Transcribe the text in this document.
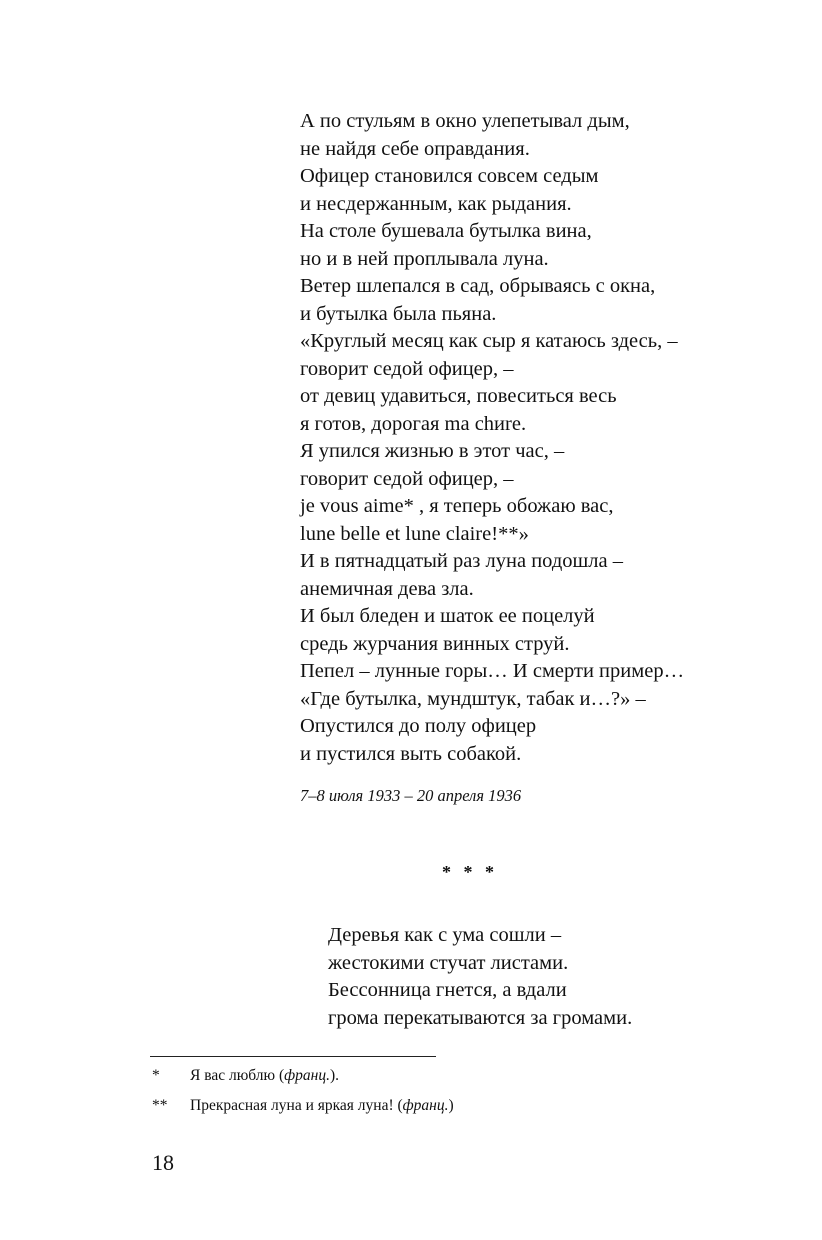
А по стульям в окно улепетывал дым,
не найдя себе оправдания.
Офицер становился совсем седым
и несдержанным, как рыдания.
На столе бушевала бутылка вина,
но и в ней проплывала луна.
Ветер шлепался в сад, обрываясь с окна,
и бутылка была пьяна.
«Круглый месяц как сыр я катаюсь здесь, –
говорит седой офицер, –
от девиц удавиться, повеситься весь
я готов, дорогая ma chиre.
Я упился жизнью в этот час, –
говорит седой офицер, –
je vous aime* , я теперь обожаю вас,
lune belle et lune claire!**»
И в пятнадцатый раз луна подошла –
анемичная дева зла.
И был бледен и шаток ее поцелуй
средь журчания винных струй.
Пепел – лунные горы… И смерти пример…
«Где бутылка, мундштук, табак и…?» –
Опустился до полу офицер
и пустился выть собакой.
7–8 июля 1933 – 20 апреля 1936
* * *
Деревья как с ума сошли –
жестокими стучат листами.
Бессонница гнется, а вдали
грома перекатываются за громами.
* Я вас люблю (франц.).
** Прекрасная луна и яркая луна! (франц.)
18
